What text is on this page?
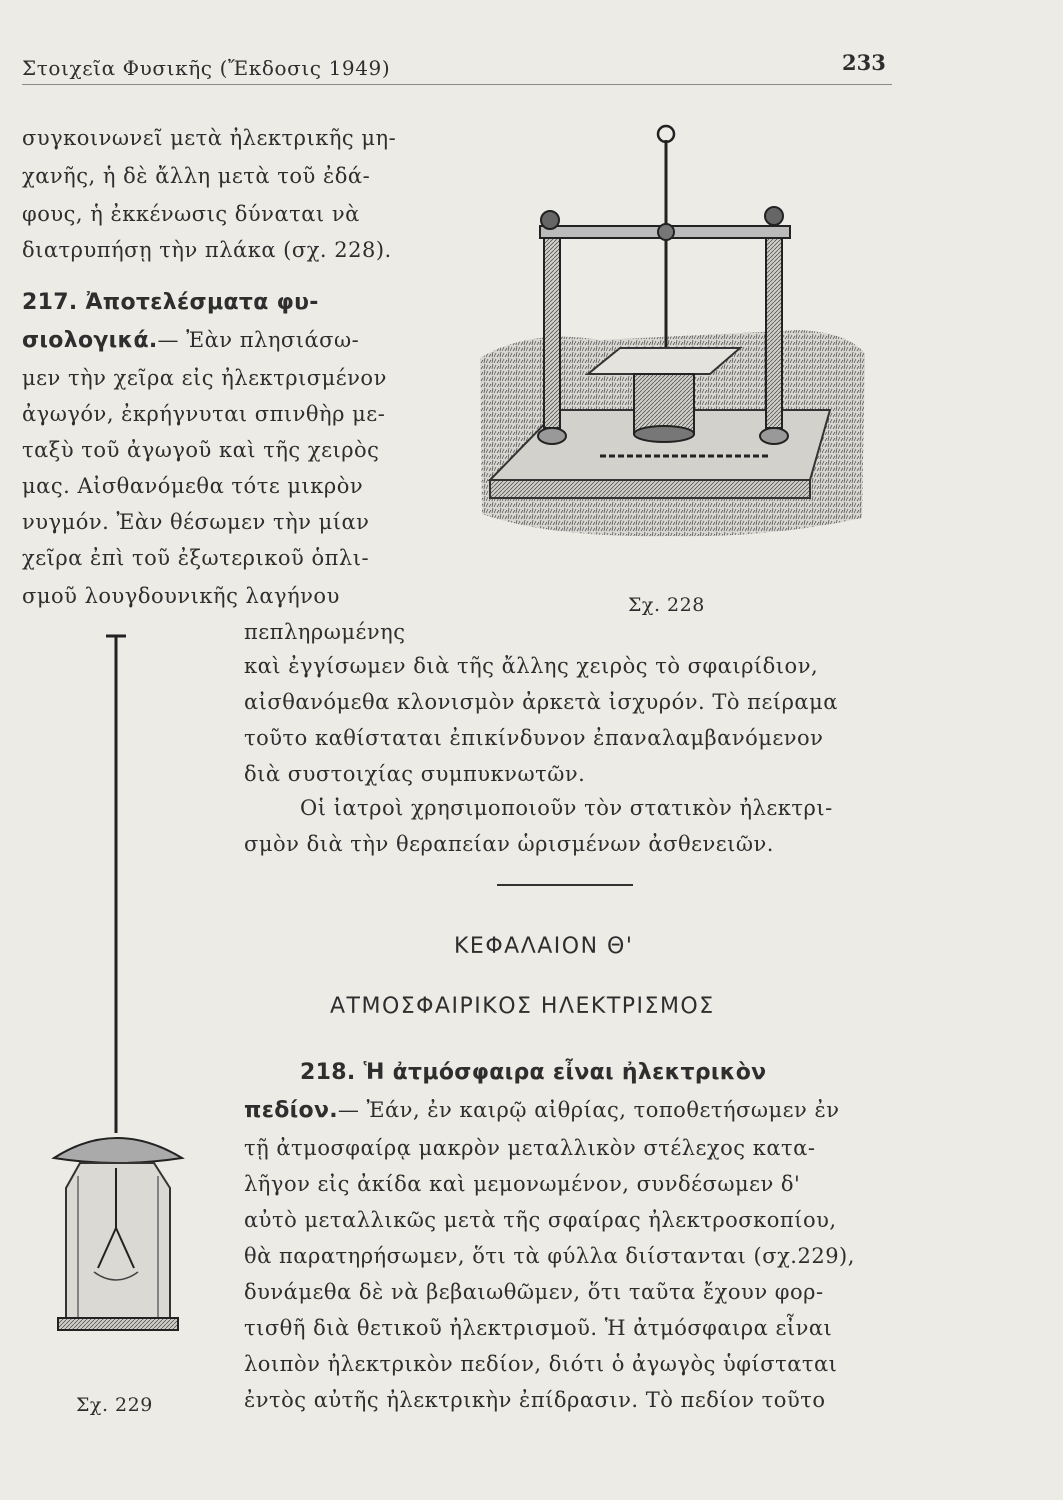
Στοιχεῖα Φυσικῆς (Ἔκδοσις 1949)	233
συγκοινωνεῖ μετὰ ἠλεκτρικῆς μη-
χανῆς, ἡ δὲ ἄλλη μετὰ τοῦ ἐδά-
φους, ἡ ἐκκένωσις δύναται νὰ
διατρυπήσῃ τὴν πλάκα (σχ. 228).
217. Ἀποτελέσματα φυ-
σιολογικά.— Ἐὰν πλησιάσω-
μεν τὴν χεῖρα εἰς ἠλεκτρισμένον
ἀγωγόν, ἐκρήγνυται σπινθὴρ με-
ταξὺ τοῦ ἀγωγοῦ καὶ τῆς χειρὸς
μας. Αἰσθανόμεθα τότε μικρὸν
νυγμόν. Ἐὰν θέσωμεν τὴν μίαν
χεῖρα ἐπὶ τοῦ ἐξωτερικοῦ ὁπλι-
σμοῦ λουγδουνικῆς λαγήνου
πεπληρωμένης
καὶ ἐγγίσωμεν διὰ τῆς ἄλλης χειρὸς τὸ σφαιρίδιον,
αἰσθανόμεθα κλονισμὸν ἀρκετὰ ἰσχυρόν. Τὸ πείραμα
τοῦτο καθίσταται ἐπικίνδυνον ἐπαναλαμβανόμενον
διὰ συστοιχίας συμπυκνωτῶν.
Οἱ ἰατροὶ χρησιμοποιοῦν τὸν στατικὸν ἠλεκτρι-
σμὸν διὰ τὴν θεραπείαν ὡρισμένων ἀσθενειῶν.
ΚΕΦΑΛΑΙΟΝ Θ'
ΑΤΜΟΣΦΑΙΡΙΚΟΣ ΗΛΕΚΤΡΙΣΜΟΣ
218. Ἡ ἀτμόσφαιρα εἶναι ἠλεκτρικὸν
πεδίον.— Ἐάν, ἐν καιρῷ αἰθρίας, τοποθετήσωμεν ἐν
τῇ ἀτμοσφαίρᾳ μακρὸν μεταλλικὸν στέλεχος κατα-
λῆγον εἰς ἀκίδα καὶ μεμονωμένον, συνδέσωμεν δ'
αὐτὸ μεταλλικῶς μετὰ τῆς σφαίρας ἠλεκτροσκοπίου,
θὰ παρατηρήσωμεν, ὅτι τὰ φύλλα διίστανται (σχ.229),
δυνάμεθα δὲ νὰ βεβαιωθῶμεν, ὅτι ταῦτα ἔχουν φορ-
τισθῆ διὰ θετικοῦ ἠλεκτρισμοῦ. Ἡ ἀτμόσφαιρα εἶναι
λοιπὸν ἠλεκτρικὸν πεδίον, διότι ὁ ἀγωγὸς ὑφίσταται
ἐντὸς αὐτῆς ἠλεκτρικὴν ἐπίδρασιν. Τὸ πεδίον τοῦτο
Σχ. 228
Σχ. 229
